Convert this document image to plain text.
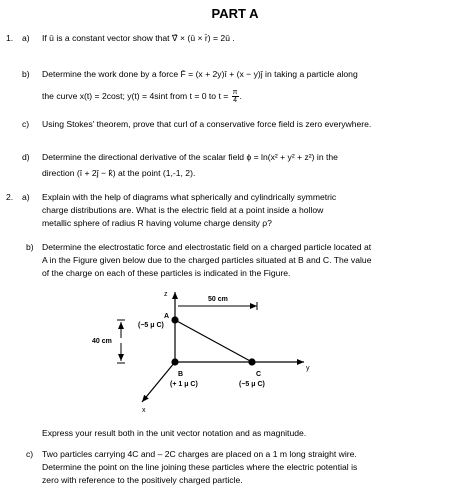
PART A
1. a) If ū is a constant vector show that ∇̄ × (ū × r̄) = 2ū .
b) Determine the work done by a force F̄ = (x + 2y)î + (x − y)ĵ in taking a particle along
the curve x(t) = 2cost; y(t) = 4sint from t = 0 to $t = \frac{\pi}{4}$ .
c) Using Stokes' theorem, prove that curl of a conservative force field is zero everywhere.
d) Determine the directional derivative of the scalar field ϕ = ln(x² + y² + z²) in the
direction (î + 2ĵ − k̂) at the point (1,-1, 2).
2. a) Explain with the help of diagrams what spherically and cylindrically symmetric
charge distributions are. What is the electric field at a point inside a hollow
metallic sphere of radius R having volume charge density ρ?
b) Determine the electrostatic force and electrostatic field on a charged particle located at
A in the Figure given below due to the charged particles situated at B and C. The value
of the charge on each of these particles is indicated in the Figure.
z
y
x
50 cm
40 cm
A
(−5 μ C)
B
(+ 1 μ C)
C
(−5 μ C)
Express your result both in the unit vector notation and as magnitude.
c) Two particles carrying 4C and – 2C charges are placed on a 1 m long straight wire.
Determine the point on the line joining these particles where the electric potential is
zero with reference to the positively charged particle.
